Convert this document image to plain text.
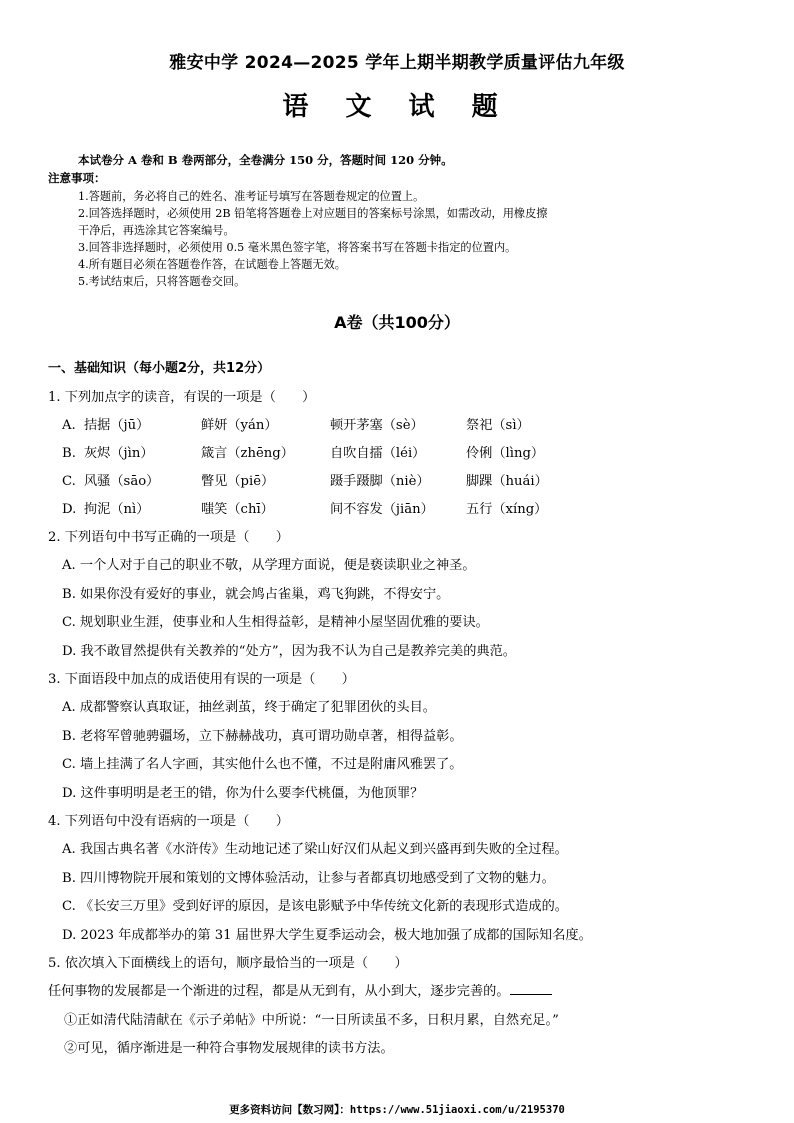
雅安中学 2024—2025 学年上期半期教学质量评估九年级
语 文 试 题
本试卷分 A 卷和 B 卷两部分，全卷满分 150 分，答题时间 120 分钟。
注意事项：
1.答题前，务必将自己的姓名、准考证号填写在答题卷规定的位置上。
2.回答选择题时，必须使用 2B 铅笔将答题卷上对应题目的答案标号涂黑，如需改动，用橡皮擦
干净后，再选涂其它答案编号。
3.回答非选择题时，必须使用 0.5 毫米黑色签字笔，将答案书写在答题卡指定的位置内。
4.所有题目必须在答题卷作答，在试题卷上答题无效。
5.考试结束后，只将答题卷交回。
A卷（共100分）
一、基础知识（每小题2分，共12分）
1. 下列加点字的读音，有误的一项是（　　）
A. 拮据（jū）	鲜妍（yán）	顿开茅塞（sè）	祭祀（sì）
B. 灰烬（jìn）	箴言（zhēng）	自吹自擂（léi）	伶俐（lìng）
C. 风骚（sāo）	瞥见（piē）	蹑手蹑脚（niè）	脚踝（huái）
D. 拘泥（nì）	嗤笑（chī）	间不容发（jiān）	五行（xíng）
2. 下列语句中书写正确的一项是（　　）
A. 一个人对于自己的职业不敬，从学理方面说，便是亵读职业之神圣。
B. 如果你没有爱好的事业，就会鸠占雀巢，鸡飞狗跳，不得安宁。
C. 规划职业生涯，使事业和人生相得益彰，是精神小屋坚固优雅的要诀。
D. 我不敢冒然提供有关教养的“处方”，因为我不认为自己是教养完美的典范。
3. 下面语段中加点的成语使用有误的一项是（　　）
A. 成都警察认真取证，抽丝剥茧，终于确定了犯罪团伙的头目。
B. 老将军曾驰骋疆场，立下赫赫战功，真可谓功勋卓著，相得益彰。
C. 墙上挂满了名人字画，其实他什么也不懂，不过是附庸风雅罢了。
D. 这件事明明是老王的错，你为什么要李代桃僵，为他顶罪？
4. 下列语句中没有语病的一项是（　　）
A. 我国古典名著《水浒传》生动地记述了梁山好汉们从起义到兴盛再到失败的全过程。
B. 四川博物院开展和策划的文博体验活动，让参与者都真切地感受到了文物的魅力。
C. 《长安三万里》受到好评的原因，是该电影赋予中华传统文化新的表现形式造成的。
D. 2023 年成都举办的第 31 届世界大学生夏季运动会，极大地加强了成都的国际知名度。
5. 依次填入下面横线上的语句，顺序最恰当的一项是（　　）
任何事物的发展都是一个渐进的过程，都是从无到有，从小到大，逐步完善的。
①正如清代陆清献在《示子弟帖》中所说：“一日所读虽不多，日积月累，自然充足。”
②可见，循序渐进是一种符合事物发展规律的读书方法。
更多资料访问【数习网】：https://www.51jiaoxi.com/u/2195370
